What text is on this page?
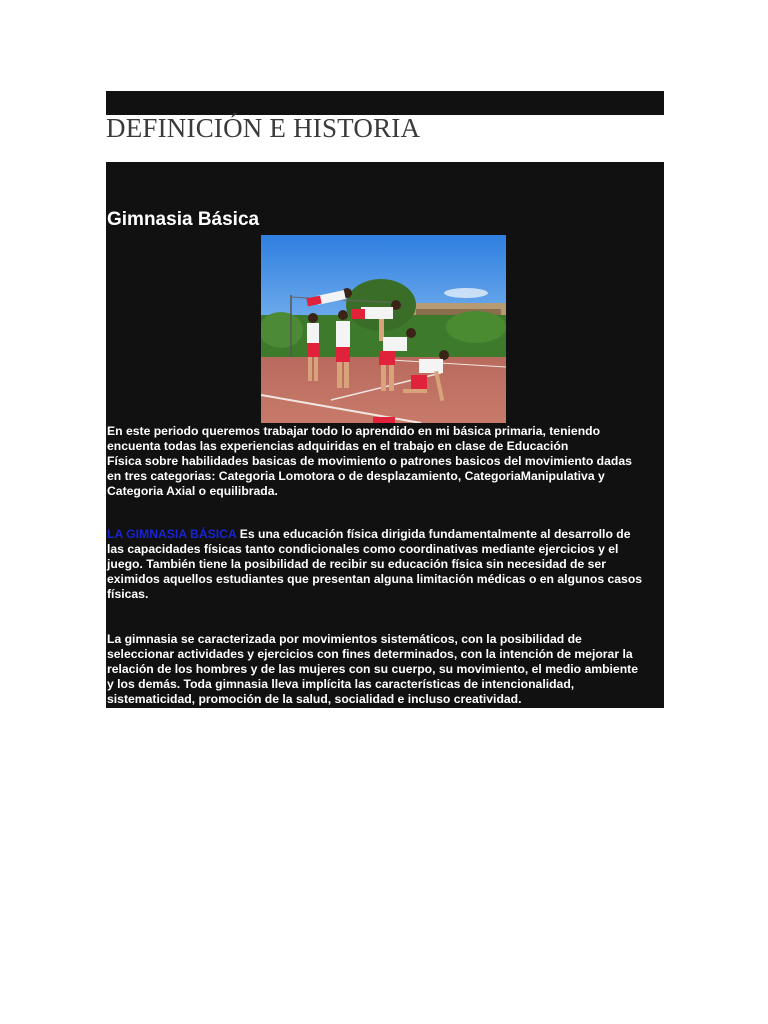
DEFINICIÓN E HISTORIA
Gimnasia Básica

En este periodo queremos trabajar todo lo aprendido en mi básica primaria, teniendo
encuenta todas las experiencias adquiridas en el trabajo en clase de Educación
Física sobre habilidades basicas de movimiento o patrones basicos del movimiento dadas
en tres categorias: Categoria Lomotora o de desplazamiento, CategoriaManipulativa y
Categoria Axial o equilibrada.

LA GIMNASIA BÁSICA Es una educación física dirigida fundamentalmente al desarrollo de
las capacidades físicas tanto condicionales como coordinativas mediante ejercicios y el
juego. También tiene la posibilidad de recibir su educación física sin necesidad de ser
eximidos aquellos estudiantes que presentan alguna limitación médicas o en algunos casos
físicas.

La gimnasia se caracterizada por movimientos sistemáticos, con la posibilidad de
seleccionar actividades y ejercicios con fines determinados, con la intención de mejorar la
relación de los hombres y de las mujeres con su cuerpo, su movimiento, el medio ambiente
y los demás. Toda gimnasia lleva implícita las características de intencionalidad,
sistematicidad, promoción de la salud, socialidad e incluso creatividad.
